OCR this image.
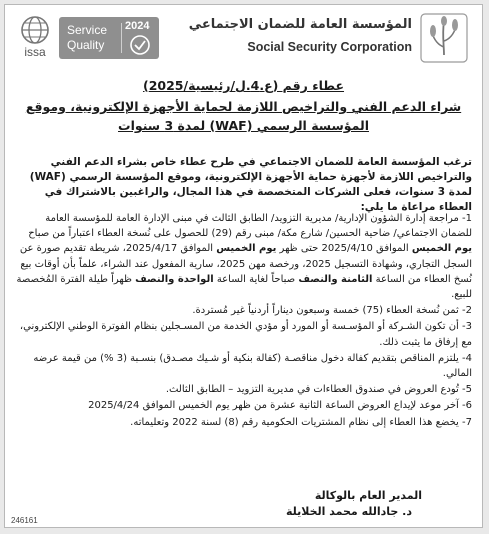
issa
Service
Quality
2024	المؤسسة العامة للضمان الاجتماعي
Social Security Corporation
عطاء رقم (ع.4.ل/رئيسية/2025)
شراء الدعم الفني والتراخيص اللازمة لحماية الأجهزة الإلكترونية، وموقع المؤسسة الرسمي (WAF) لمدة 3 سنوات
ترغب المؤسسة العامة للضمان الاجتماعي في طرح عطاء خاص بشراء الدعم الفني والتراخيص اللازمة لأجهزة حماية الأجهزة الإلكترونية، وموقع المؤسسة الرسمي (WAF) لمدة 3 سنوات، فعلى الشركات المتخصصة في هذا المجال، والراغبين بالاشتراك في العطاء مراعاة ما يلي:
1- مراجعة إدارة الشؤون الإدارية/ مديرية التزويد/ الطابق الثالث في مبنى الإدارة العامة للمؤسسة العامة للضمان الاجتماعي/ ضاحية الحسين/ شارع مكة/ مبنى رقم (29) للحصول على نُسخة العطاء اعتباراً من صباح يوم الخميس الموافق 2025/4/10 حتى ظهر يوم الخميس الموافق 2025/4/17، شريطة تقديم صورة عن السجل التجاري، وشهادة التسجيل 2025، ورخصة مهن 2025، سارية المفعول عند الشراء، علماً بأن أوقات بيع نُسخ العطاء من الساعة الثامنة والنصف صباحاً لغاية الساعة الواحدة والنصف ظهراً طيلة الفترة المُخصصة للبيع.
2- ثمن نُسخة العطاء (75) خمسة وسبعون ديناراً أردنياً غير مُستردة.
3- أن تكون الشـركة أو المؤسـسة أو المورد أو مؤدي الخدمة من المسـجلين بنظام الفوترة الوطني الإلكتروني، مع إرفاق ما يثبت ذلك.
4- يلتزم المناقص بتقديم كفالة دخول مناقصـة (كفالة بنكية أو شـيك مصـدق) بنسـبة (3 %) من قيمة عرضه المالي.
5- تُودع العروض في صندوق العطاءات في مديرية التزويد – الطابق الثالث.
6- آخر موعد لإيداع العروض الساعة الثانية عشرة من ظهر يوم الخميس الموافق 2025/4/24
7- يخضع هذا العطاء إلى نظام المشتريات الحكومية رقم (8) لسنة 2022 وتعليماته.
المدير العام بالوكالة
د. جادالله محمد الخلايلة
246161
